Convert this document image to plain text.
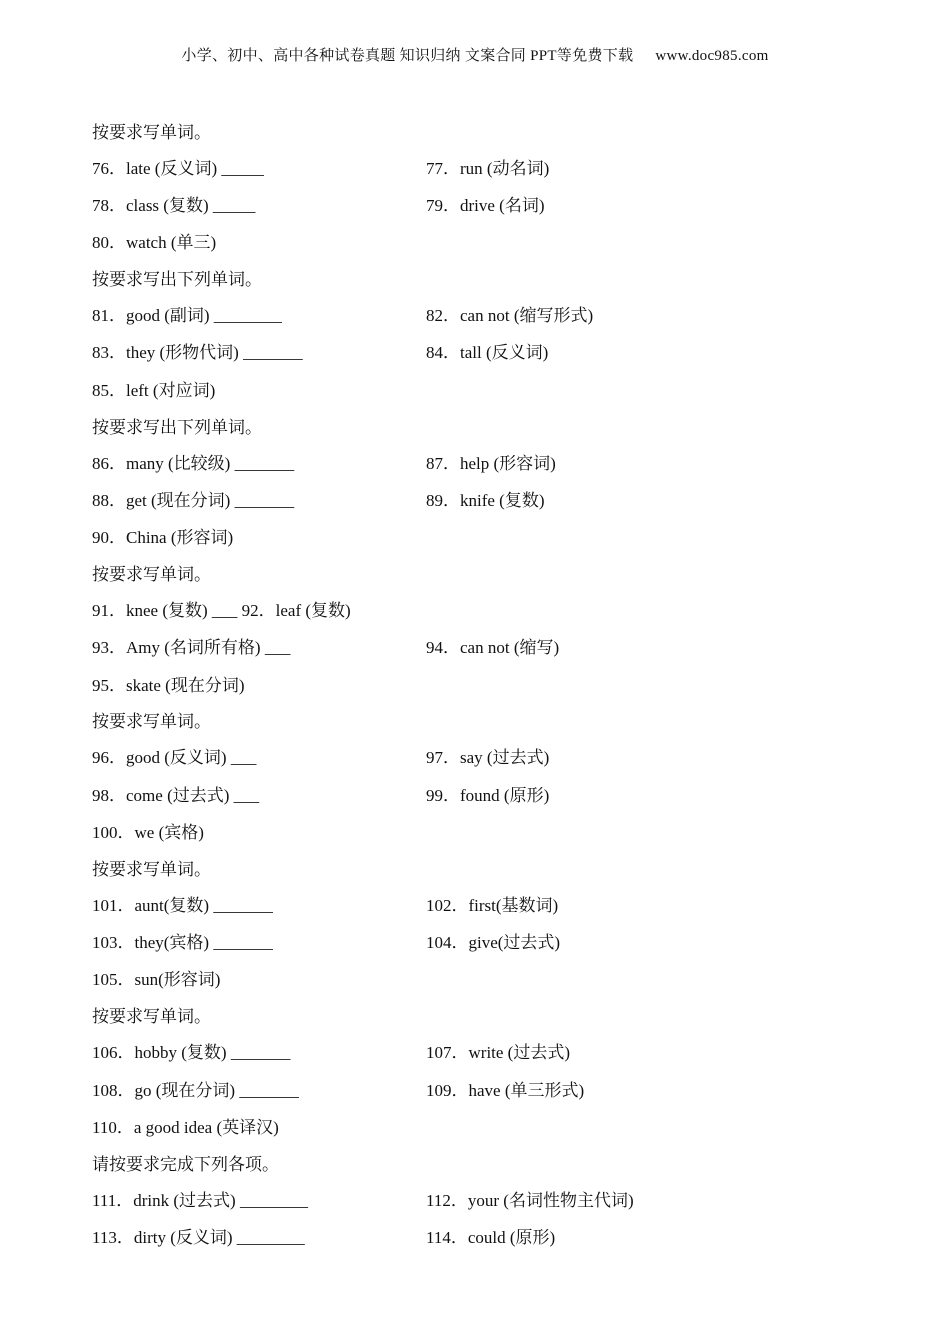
小学、初中、高中各种试卷真题 知识归纳 文案合同 PPT等免费下载 www.doc985.com
按要求写单词。
76．late (反义词) _____	77．run (动名词)
78．class (复数) _____	79．drive (名词)
80．watch (单三)
按要求写出下列单词。
81．good (副词) ________	82．can not (缩写形式)
83．they (形物代词) _______	84．tall (反义词)
85．left (对应词)
按要求写出下列单词。
86．many (比较级) _______	87．help (形容词)
88．get (现在分词) _______	89．knife (复数)
90．China (形容词)
按要求写单词。
91．knee (复数) ___ 92．leaf (复数)
93．Amy (名词所有格) ___	94．can not (缩写)
95．skate (现在分词)
按要求写单词。
96．good (反义词) ___	97．say (过去式)
98．come (过去式) ___	99．found (原形)
100．we (宾格)
按要求写单词。
101．aunt(复数) _______	102．first(基数词)
103．they(宾格) _______	104．give(过去式)
105．sun(形容词)
按要求写单词。
106．hobby (复数) _______	107．write (过去式)
108．go (现在分词) _______	109．have (单三形式)
110．a good idea (英译汉)
请按要求完成下列各项。
111．drink (过去式) ________	112．your (名词性物主代词)
113．dirty (反义词) ________	114．could (原形)
